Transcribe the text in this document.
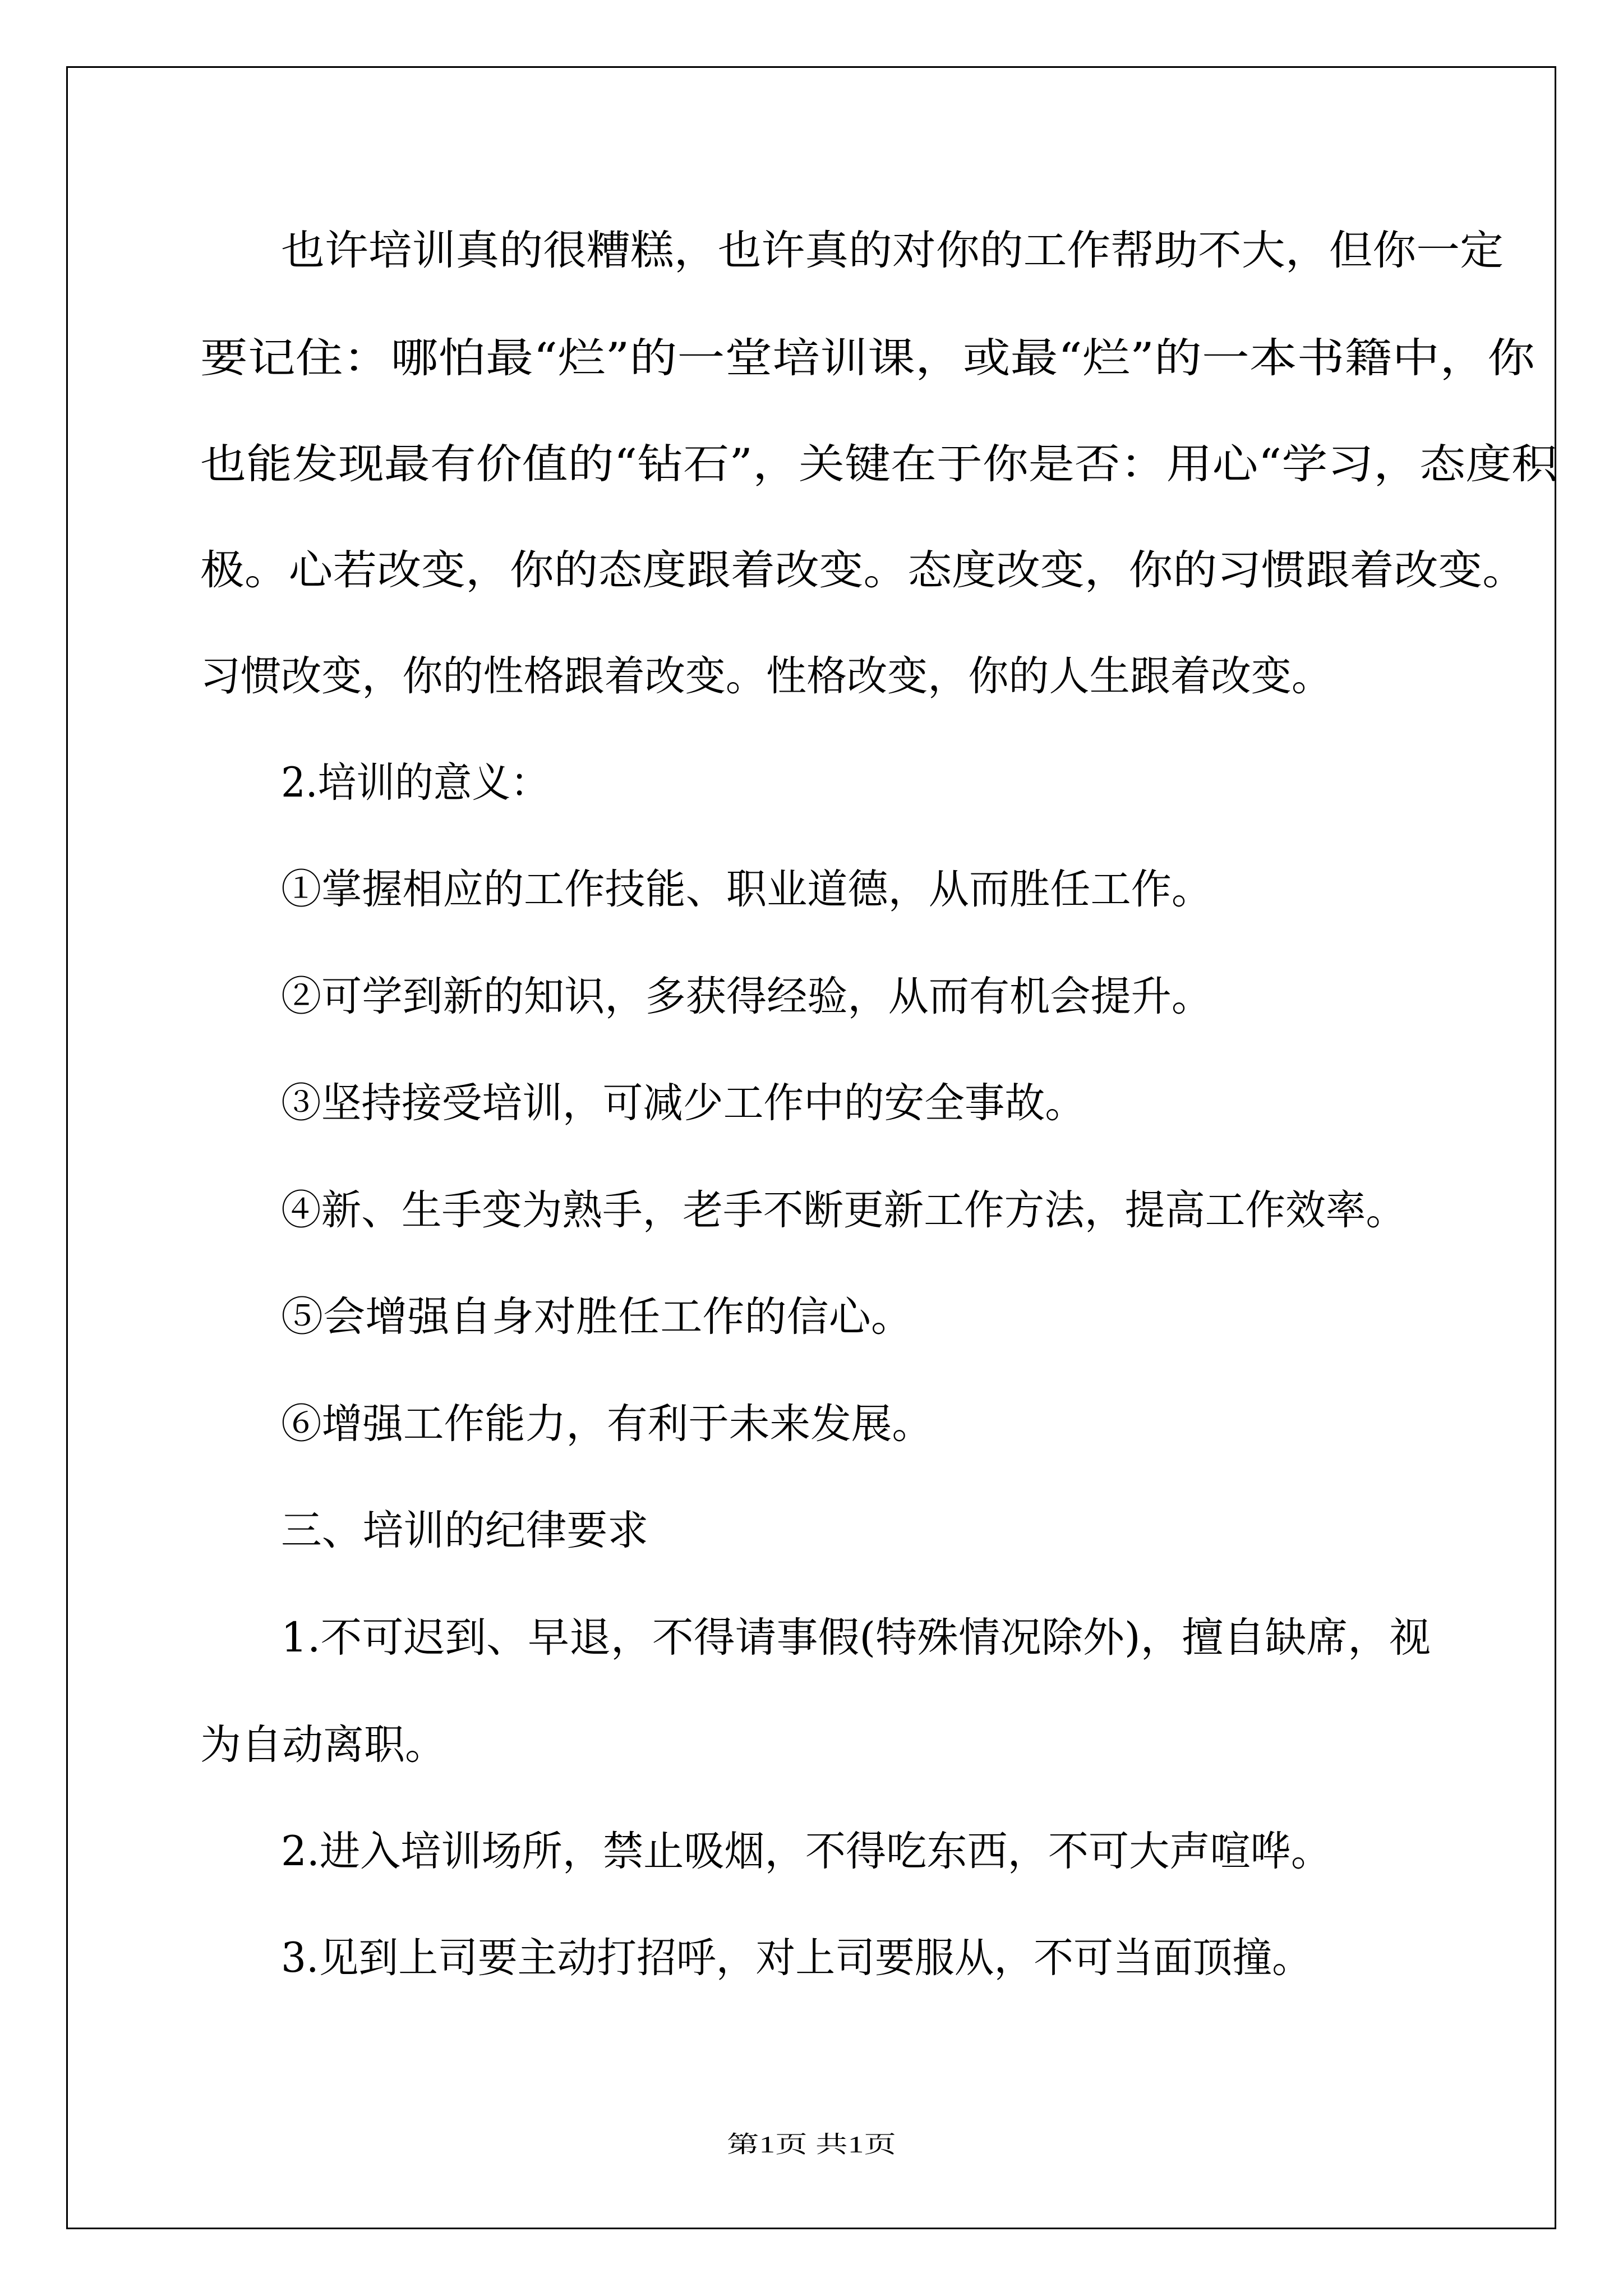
也许培训真的很糟糕，也许真的对你的工作帮助不大，但你一定
要记住：哪怕最“烂”的一堂培训课，或最“烂”的一本书籍中，你
也能发现最有价值的“钻石”，关键在于你是否：用心“学习，态度积
极。心若改变，你的态度跟着改变。态度改变，你的习惯跟着改变。
习惯改变，你的性格跟着改变。性格改变，你的人生跟着改变。
2.培训的意义：
①掌握相应的工作技能、职业道德，从而胜任工作。
②可学到新的知识，多获得经验，从而有机会提升。
③坚持接受培训，可减少工作中的安全事故。
④新、生手变为熟手，老手不断更新工作方法，提高工作效率。
⑤会增强自身对胜任工作的信心。
⑥增强工作能力，有利于未来发展。
三、培训的纪律要求
1.不可迟到、早退，不得请事假(特殊情况除外)，擅自缺席，视
为自动离职。
2.进入培训场所，禁止吸烟，不得吃东西，不可大声喧哗。
3.见到上司要主动打招呼，对上司要服从，不可当面顶撞。
第1页 共1页
